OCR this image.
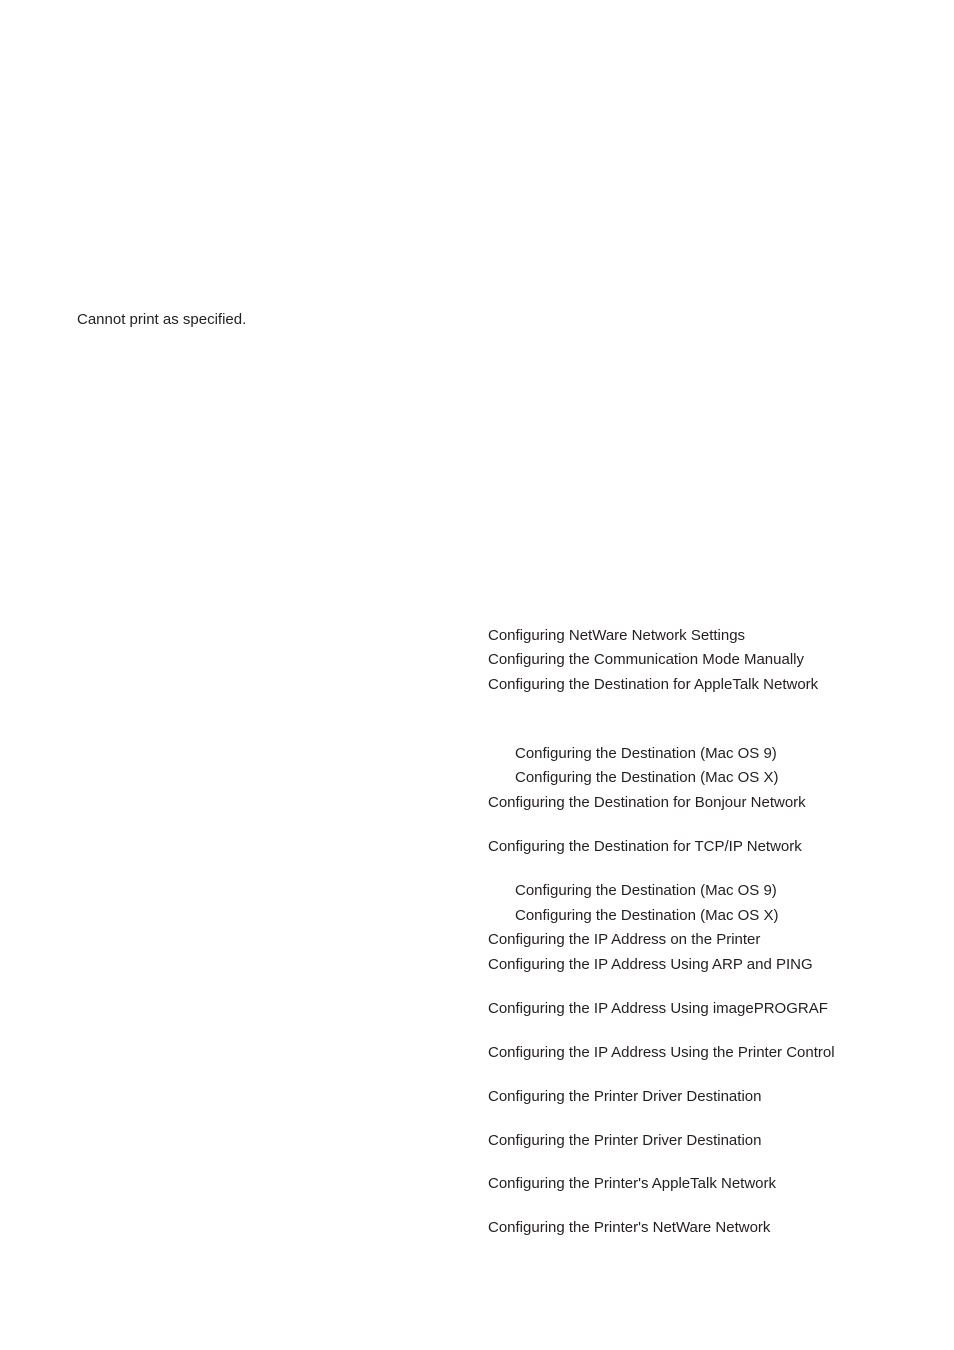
Cannot print as specified.
Configuring NetWare Network Settings
Configuring the Communication Mode Manually
Configuring the Destination for AppleTalk Network
Configuring the Destination (Mac OS 9)
Configuring the Destination (Mac OS X)
Configuring the Destination for Bonjour Network
Configuring the Destination for TCP/IP Network
Configuring the Destination (Mac OS 9)
Configuring the Destination (Mac OS X)
Configuring the IP Address on the Printer
Configuring the IP Address Using ARP and PING
Configuring the IP Address Using imagePROGRAF
Configuring the IP Address Using the Printer Control
Configuring the Printer Driver Destination
Configuring the Printer Driver Destination
Configuring the Printer's AppleTalk Network
Configuring the Printer's NetWare Network
